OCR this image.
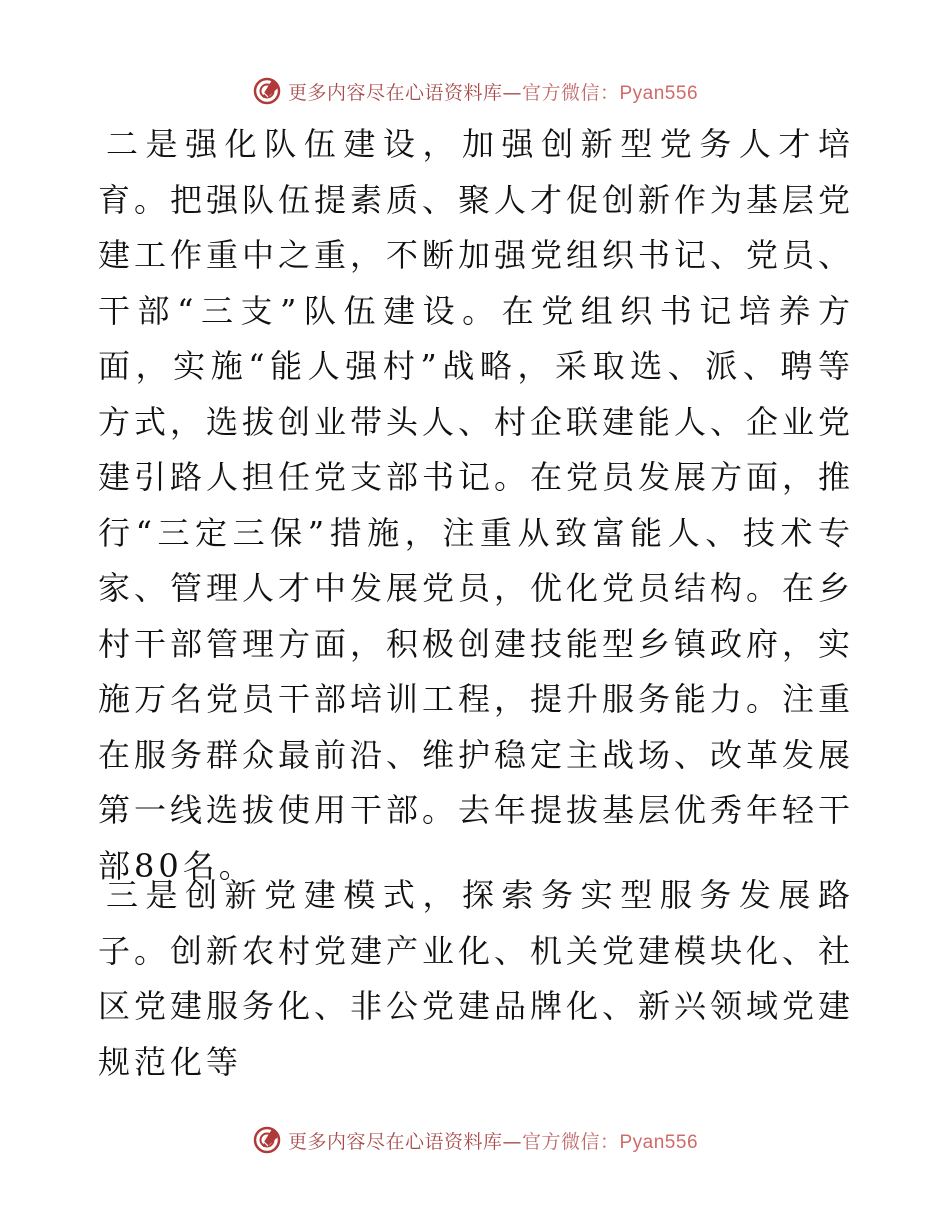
更多内容尽在心语资料库—官方微信：Pyan556

二是强化队伍建设，加强创新型党务人才培育。把强队伍提素质、聚人才促创新作为基层党建工作重中之重，不断加强党组织书记、党员、干部“三支”队伍建设。在党组织书记培养方面，实施“能人强村”战略，采取选、派、聘等方式，选拔创业带头人、村企联建能人、企业党建引路人担任党支部书记。在党员发展方面，推行“三定三保”措施，注重从致富能人、技术专家、管理人才中发展党员，优化党员结构。在乡村干部管理方面，积极创建技能型乡镇政府，实施万名党员干部培训工程，提升服务能力。注重在服务群众最前沿、维护稳定主战场、改革发展第一线选拔使用干部。去年提拔基层优秀年轻干部80名。

三是创新党建模式，探索务实型服务发展路子。创新农村党建产业化、机关党建模块化、社区党建服务化、非公党建品牌化、新兴领域党建规范化等

更多内容尽在心语资料库—官方微信：Pyan556
